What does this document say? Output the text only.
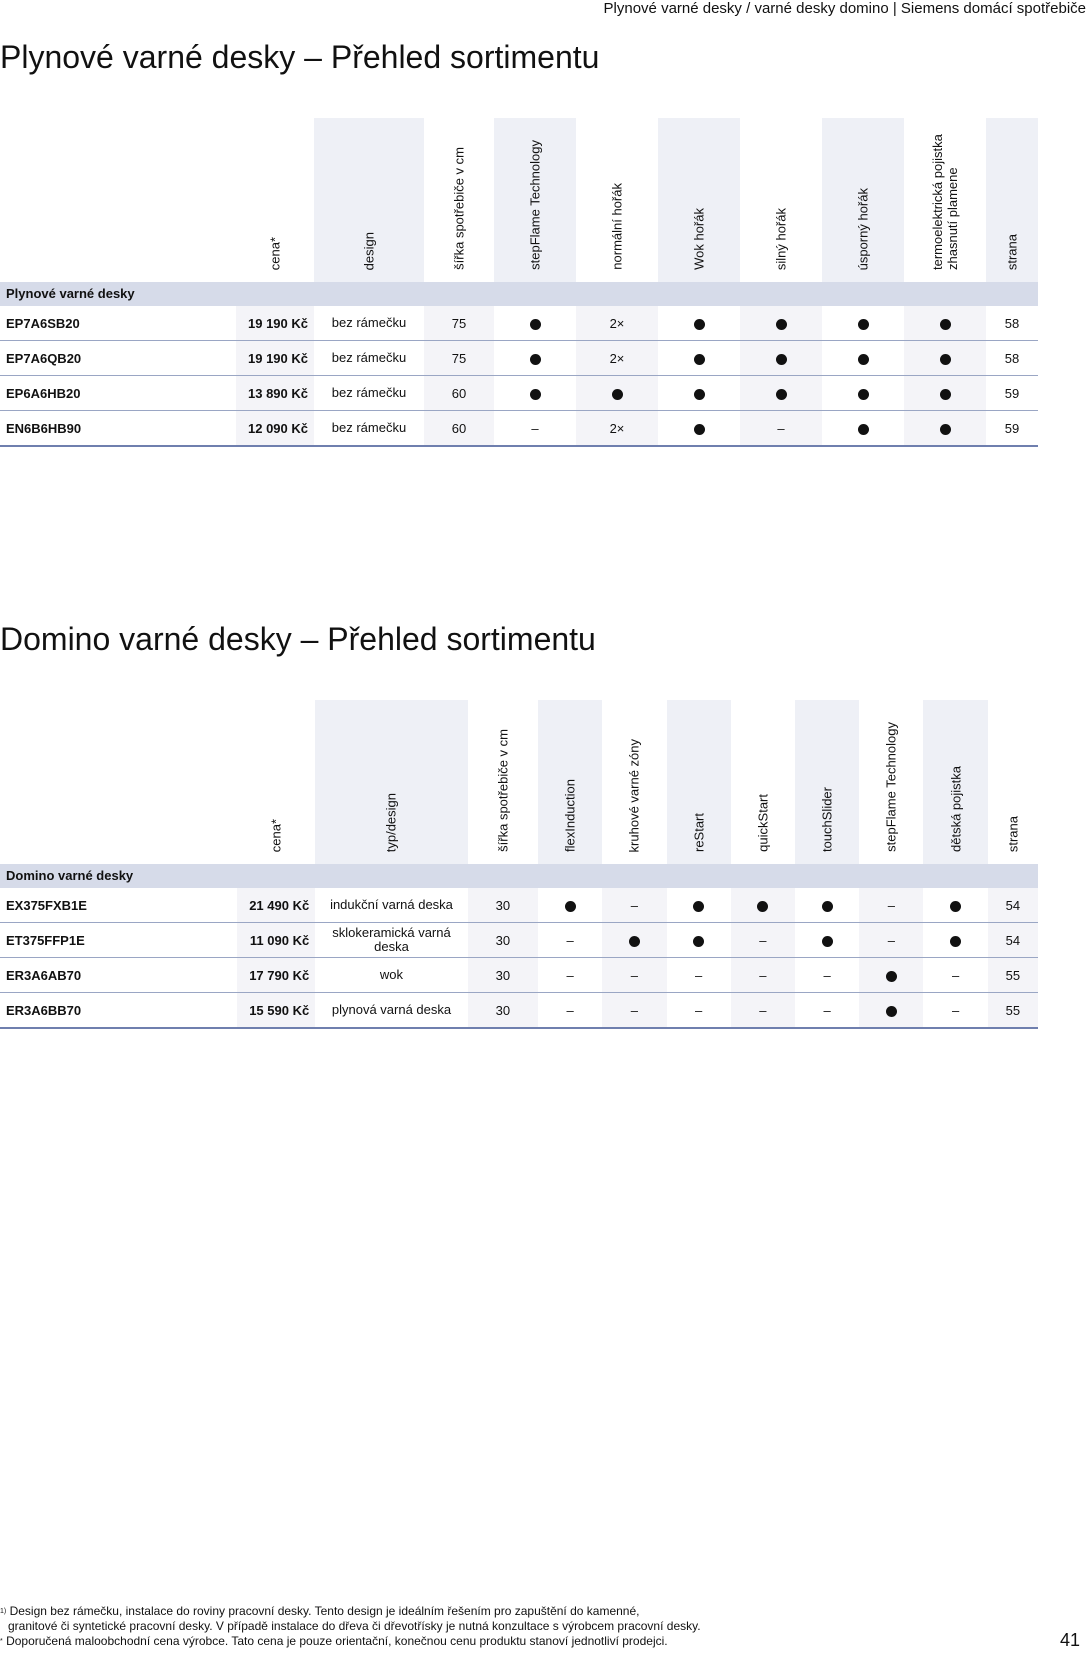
Plynové varné desky / varné desky domino | Siemens domácí spotřebiče
Plynové varné desky – Přehled sortimentu

	cena*	design	šířka spotřebiče v cm	stepFlame Technology	normální hořák	Wok hořák	silný hořák	úsporný hořák	termoelektrická pojistka zhasnutí plamene	strana

Plynové varné desky										
EP7A6SB20	19 190 Kč	bez rámečku	75		2×					58
EP7A6QB20	19 190 Kč	bez rámečku	75		2×					58
EP6A6HB20	13 890 Kč	bez rámečku	60							59
EN6B6HB90	12 090 Kč	bez rámečku	60	–	2×		–			59
Domino varné desky – Přehled sortimentu

	cena*	typ/design	šířka spotřebiče v cm	flexInduction	kruhové varné zóny	reStart	quickStart	touchSlider	stepFlame Technology	dětská pojistka	strana

Domino varné desky											
EX375FXB1E	21 490 Kč	indukční varná deska	30		–				–		54
ET375FFP1E	11 090 Kč	sklokeramická varná deska	30	–			–		–		54
ER3A6AB70	17 790 Kč	wok	30	–	–	–	–	–		–	55
ER3A6BB70	15 590 Kč	plynová varná deska	30	–	–	–	–	–		–	55

$^{1)}$ Design bez rámečku, instalace do roviny pracovní desky. Tento design je ideálním řešením pro zapuštění do kamenné,

granitové či syntetické pracovní desky. V případě instalace do dřeva či dřevotřísky je nutná konzultace s výrobcem pracovní desky.

* Doporučená maloobchodní cena výrobce. Tato cena je pouze orientační, konečnou cenu produktu stanoví jednotliví prodejci.	41
